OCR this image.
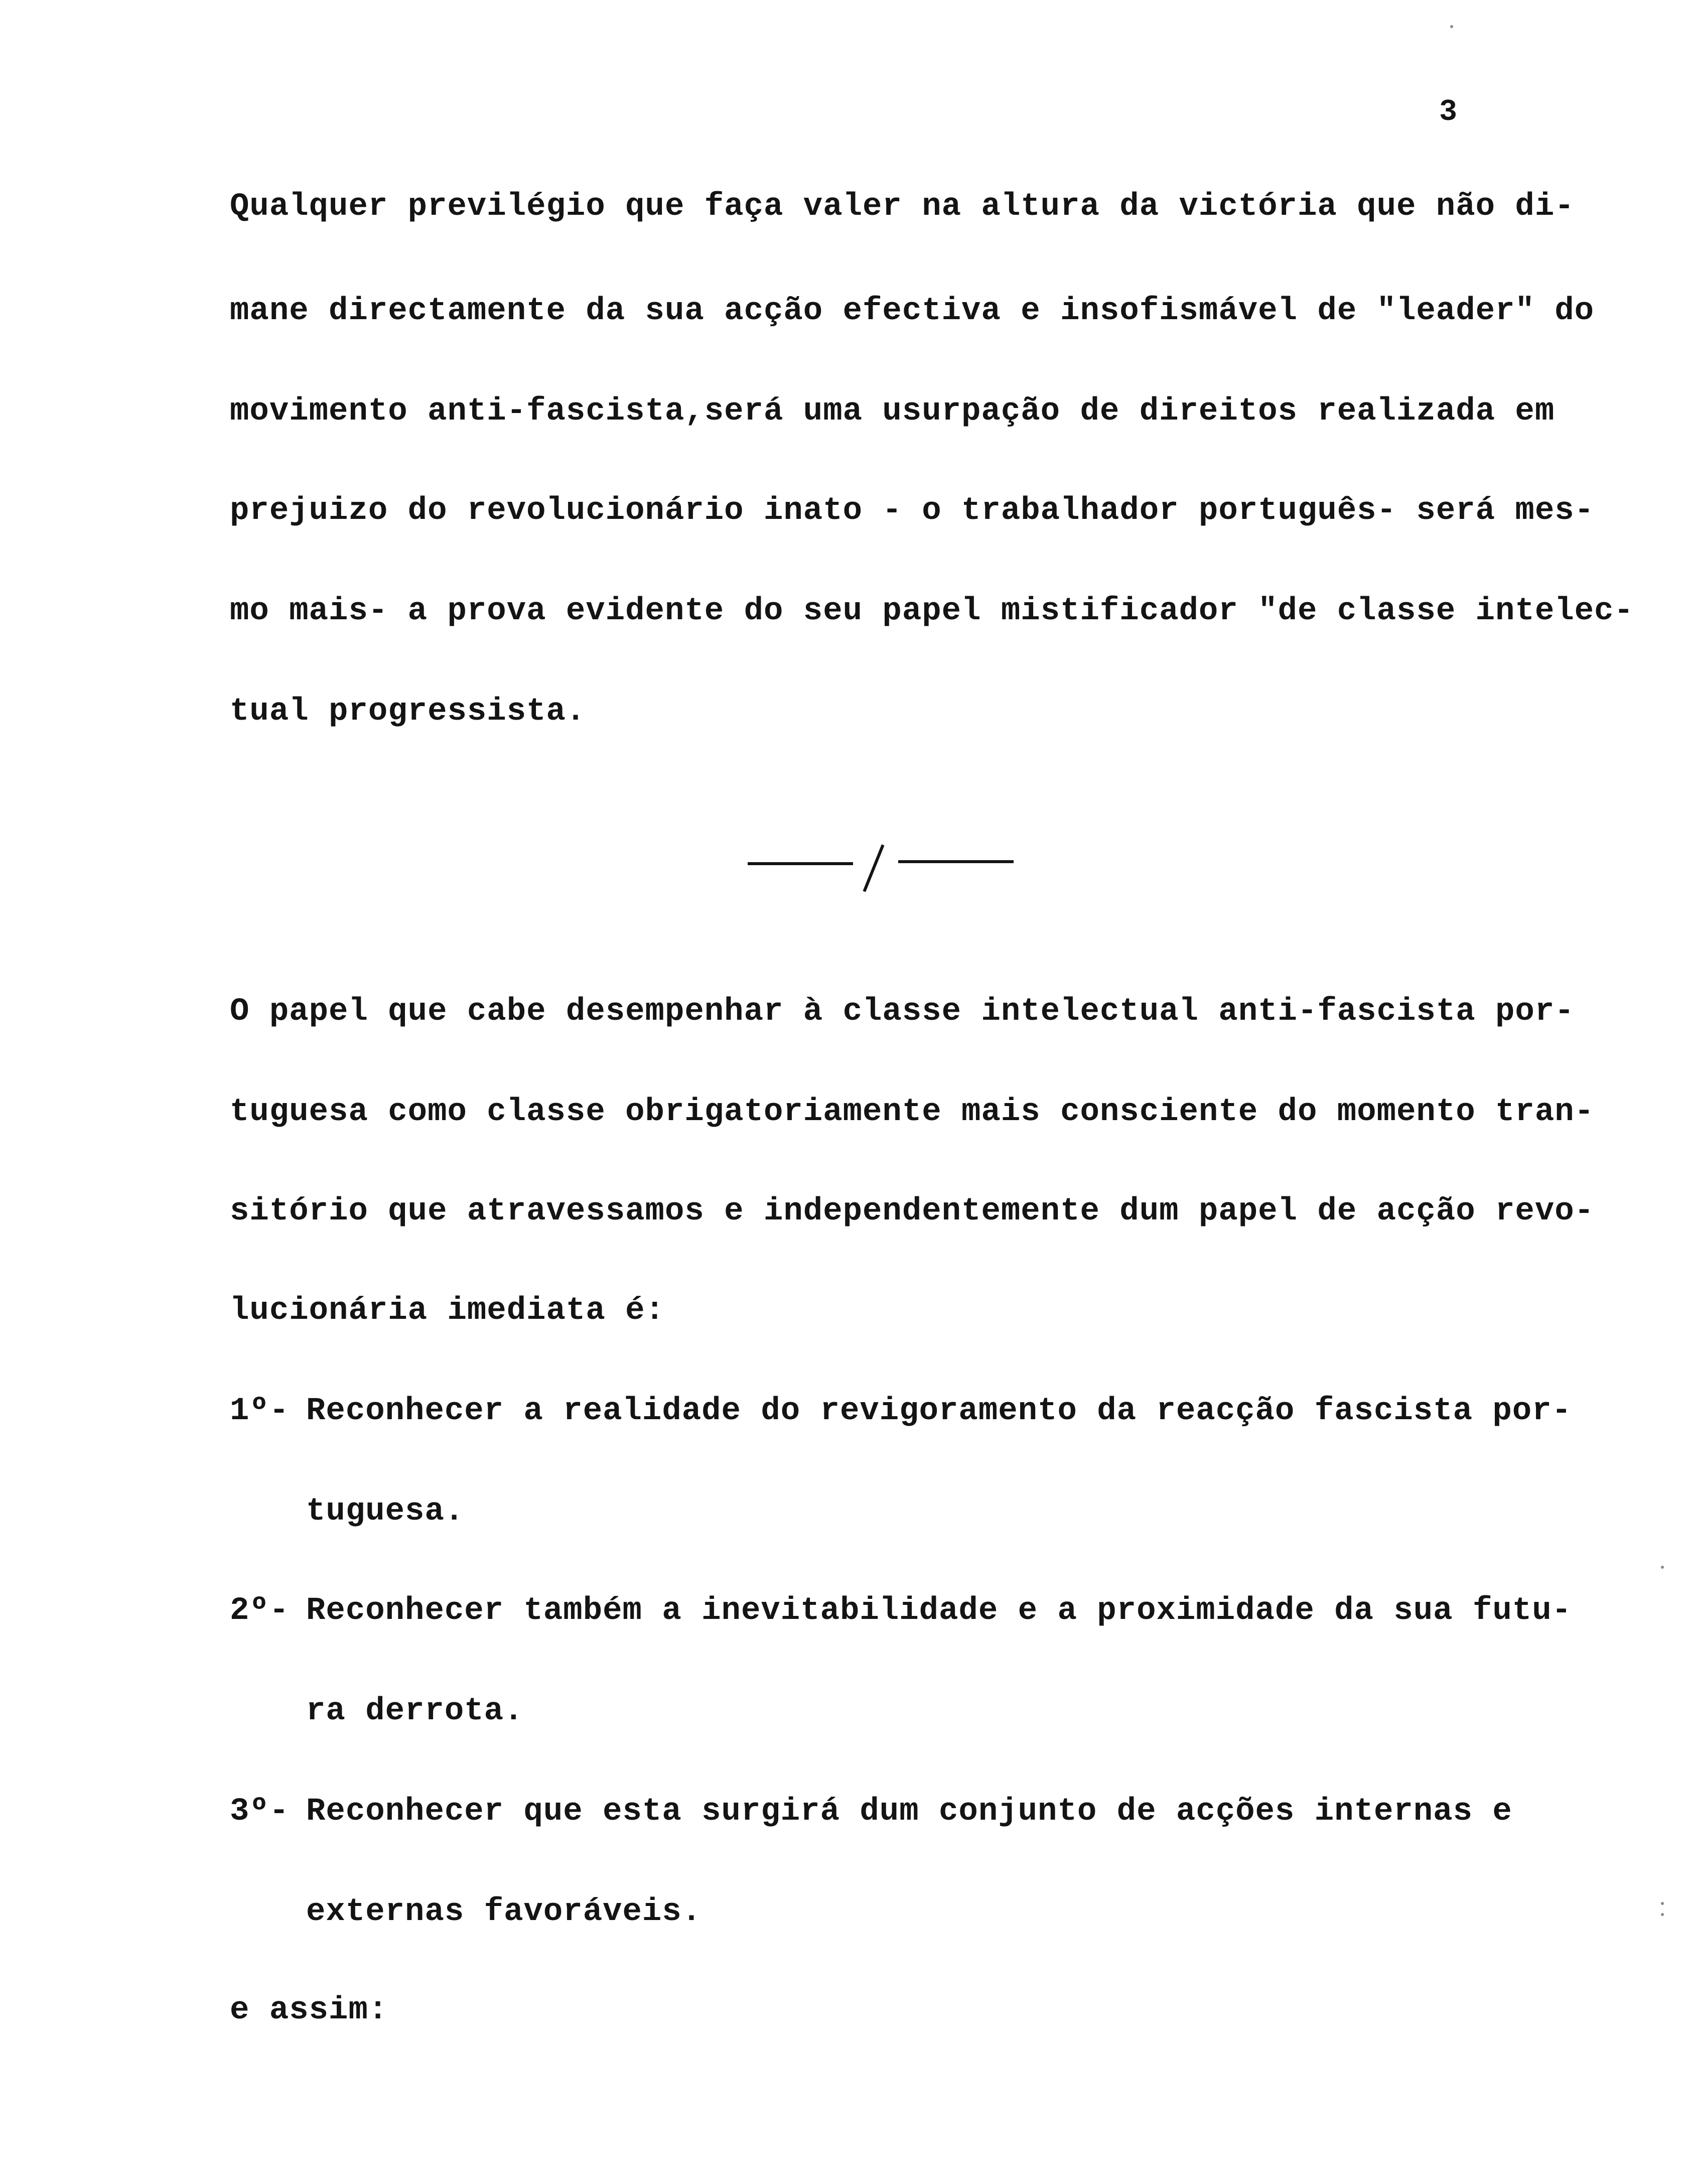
3
Qualquer previlégio que faça valer na altura da victória que não di-
mane directamente da sua acção efectiva e insofismável de "leader" do
movimento anti-fascista,será uma usurpação de direitos realizada em
prejuizo do revolucionário inato - o trabalhador português- será mes-
mo mais- a prova evidente do seu papel mistificador "de classe intelec-
tual progressista.
O papel que cabe desempenhar à classe intelectual anti-fascista por-
tuguesa como classe obrigatoriamente mais consciente do momento tran-
sitório que atravessamos e independentemente dum papel de acção revo-
lucionária imediata é:
1º- Reconhecer a realidade do revigoramento da reacção fascista por-
tuguesa.
2º- Reconhecer também a inevitabilidade e a proximidade da sua futu-
ra derrota.
3º- Reconhecer que esta surgirá dum conjunto de acções internas e
externas favoráveis.
e assim:
